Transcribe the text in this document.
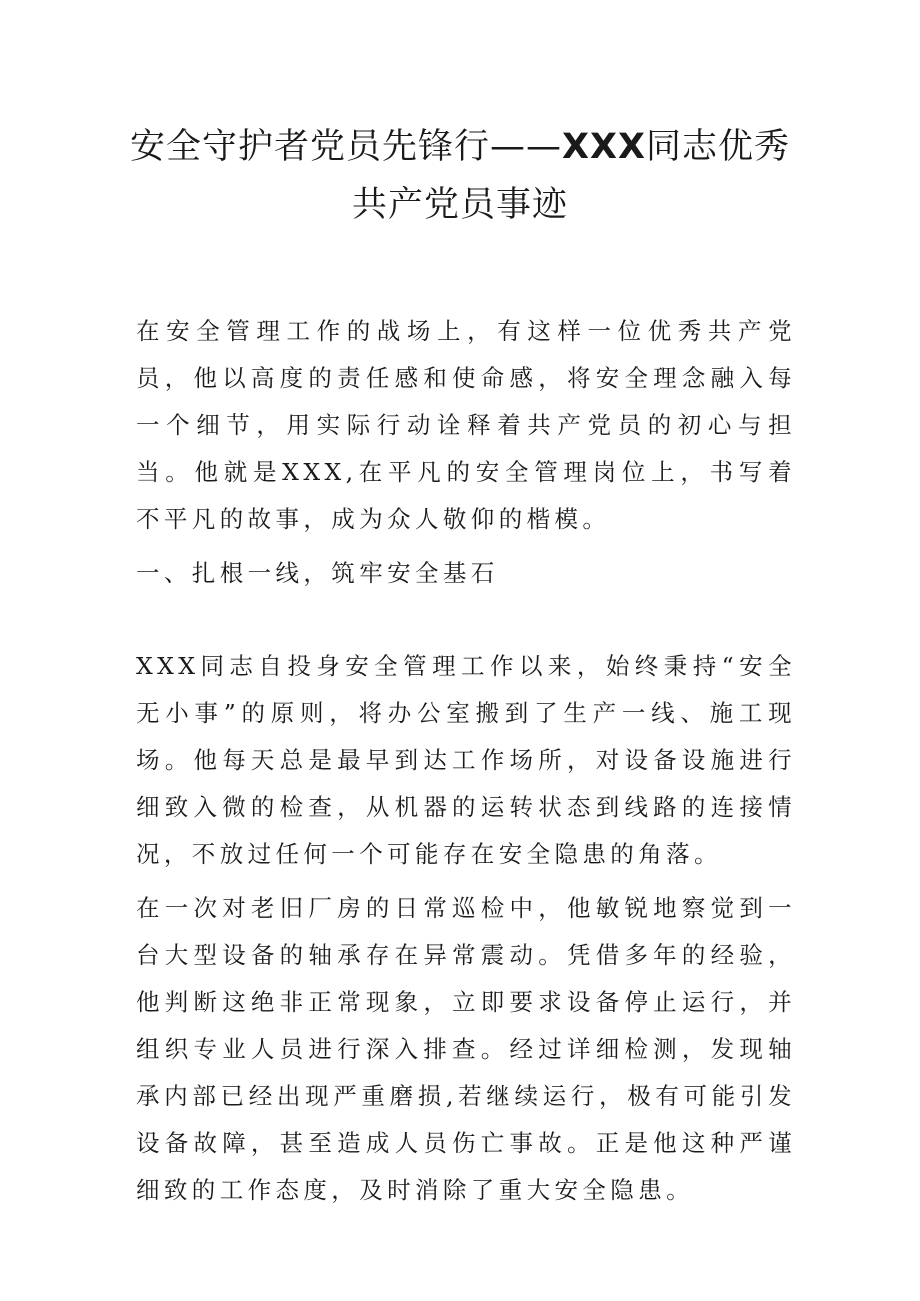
安全守护者党员先锋行——XXX同志优秀共产党员事迹

在安全管理工作的战场上，有这样一位优秀共产党员，他以高度的责任感和使命感，将安全理念融入每一个细节，用实际行动诠释着共产党员的初心与担当。他就是XXX,在平凡的安全管理岗位上，书写着不平凡的故事，成为众人敬仰的楷模。

一、扎根一线，筑牢安全基石

XXX同志自投身安全管理工作以来，始终秉持“安全无小事”的原则，将办公室搬到了生产一线、施工现场。他每天总是最早到达工作场所，对设备设施进行细致入微的检查，从机器的运转状态到线路的连接情况，不放过任何一个可能存在安全隐患的角落。

在一次对老旧厂房的日常巡检中，他敏锐地察觉到一台大型设备的轴承存在异常震动。凭借多年的经验，他判断这绝非正常现象，立即要求设备停止运行，并组织专业人员进行深入排查。经过详细检测，发现轴承内部已经出现严重磨损,若继续运行，极有可能引发设备故障，甚至造成人员伤亡事故。正是他这种严谨细致的工作态度，及时消除了重大安全隐患。
